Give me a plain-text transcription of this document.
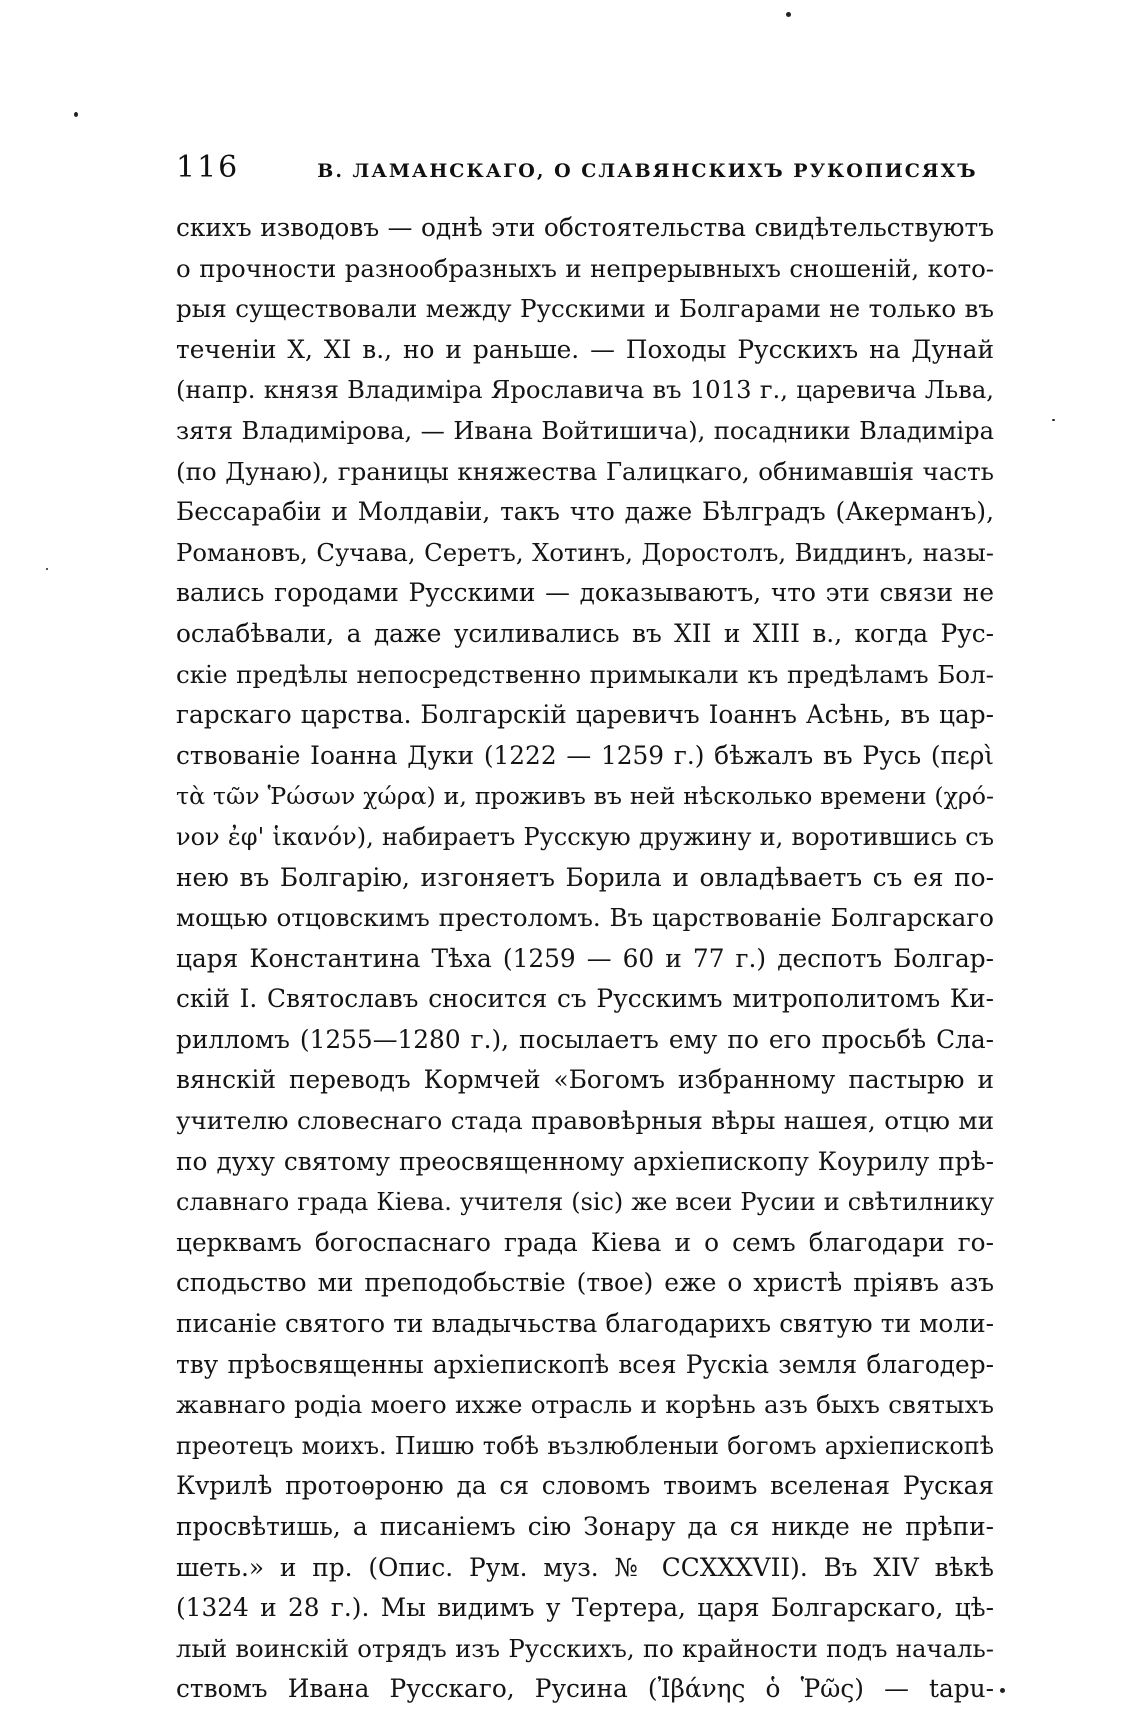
116	В. ЛАМАНСКАГО, О СЛАВЯНСКИХЪ РУКОПИСЯХЪ
скихъ изводовъ — однѣ эти обстоятельства свидѣтельствуютъ
о прочности разнообразныхъ и непрерывныхъ сношеній, кото-
рыя существовали между Русскими и Болгарами не только въ
теченіи X, XI в., но и раньше. — Походы Русскихъ на Дунай
(напр. князя Владиміра Ярославича въ 1013 г., царевича Льва,
зятя Владиміровa, — Ивана Войтишича), посадники Владиміра
(по Дунаю), границы княжества Галицкаго, обнимавшія часть
Бессарабіи и Молдавіи, такъ что даже Бѣлградъ (Акерманъ),
Романовъ, Сучава, Серетъ, Хотинъ, Доростолъ, Виддинъ, назы-
вались городами Русскими — доказываютъ, что эти связи не
ослабѣвали, а даже усиливались въ XII и XIII в., когда Рус-
скіе предѣлы непосредственно примыкали къ предѣламъ Бол-
гарскаго царства. Болгарскій царевичъ Іоаннъ Асѣнь, въ цар-
ствованіе Іоанна Дуки (1222 — 1259 г.) бѣжалъ въ Русь (περὶ
τὰ τῶν Ῥώσων χώρα) и, проживъ въ ней нѣсколько времени (χρό-
νον ἐφ' ἱκανόν), набираетъ Русскую дружину и, воротившись съ
нею въ Болгарію, изгоняетъ Борила и овладѣваетъ съ ея по-
мощью отцовскимъ престоломъ. Въ царствованіе Болгарскаго
царя Константина Тѣха (1259 — 60 и 77 г.) деспотъ Болгар-
скій I. Святославъ сносится съ Русскимъ митрополитомъ Ки-
рилломъ (1255—1280 г.), посылаетъ ему по его просьбѣ Сла-
вянскій переводъ Кормчей «Богомъ избранному пастырю и
учителю словеснаго стада правовѣрныя вѣры нашея, отцю ми
по духу святому преосвященному архіепископу Коурилу прѣ-
славнаго града Кіева. учителя (sic) же всеи Русии и свѣтилнику
церквамъ богоспаснаго града Кіева и о семъ благодари го-
сподьство ми преподобьствіе (твое) еже о христѣ пріявъ азъ
писаніе святого ти владычьства благодарихъ святую ти моли-
тву прѣосвященны архіепископѣ всея Рускіа земля благодер-
жавнаго родіа моего ихже отрасль и корѣнь азъ быхъ святыхъ
преотецъ моихъ. Пишю тобѣ възлюбленыи богомъ архіепископѣ
Кvрилѣ протоѳроню да ся словомъ твоимъ вселеная Руская
просвѣтишь, а писаніемъ сію Зонару да ся никде не прѣпи-
шеть.» и пр. (Опис. Рум. муз. № CCXXXVII). Въ XIV вѣкѣ
(1324 и 28 г.). Мы видимъ у Тертера, царя Болгарскаго, цѣ-
лый воинскій отрядъ изъ Русскихъ, по крайности подъ началь-
ствомъ Ивана Русскаго, Русина (Ἰβάνης ὁ Ῥῶς) — tapu-
